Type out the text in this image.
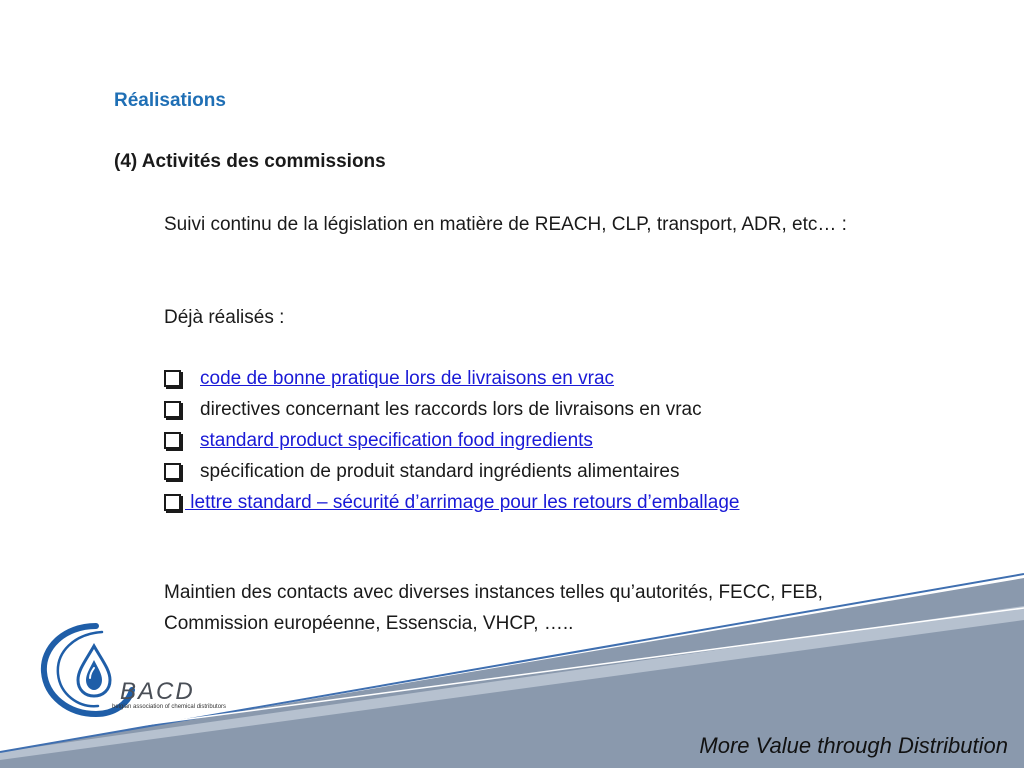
Réalisations
(4) Activités des commissions
Suivi continu de la législation en matière de REACH, CLP, transport, ADR, etc… :
Déjà réalisés :
code de bonne pratique lors de livraisons en vrac
directives concernant les raccords lors de livraisons en vrac
standard product specification food ingredients
spécification de produit standard ingrédients alimentaires
lettre standard – sécurité d’arrimage pour les retours d’emballage
Maintien des contacts avec diverses instances telles qu’autorités, FECC, FEB, Commission européenne, Essenscia, VHCP, …..
BACD
belgian association of chemical distributors
More Value through Distribution
